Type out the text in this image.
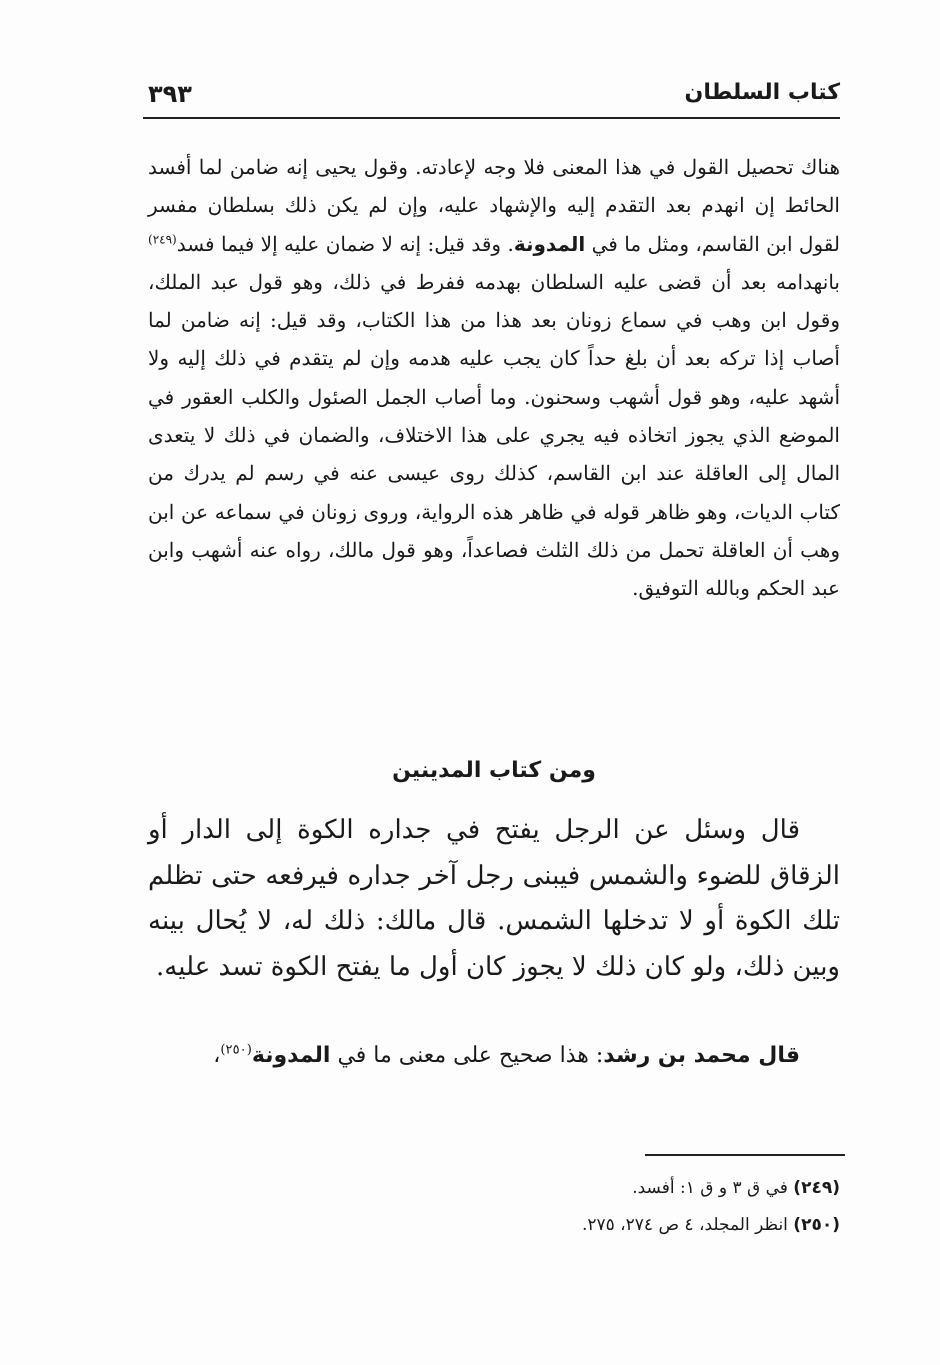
كتاب السلطان
٣٩٣

هناك تحصيل القول في هذا المعنى فلا وجه لإعادته. وقول يحيى إنه ضامن لما أفسد الحائط إن انهدم بعد التقدم إليه والإشهاد عليه، وإن لم يكن ذلك بسلطان مفسر لقول ابن القاسم، ومثل ما في المدونة. وقد قيل: إنه لا ضمان عليه إلا فيما فسد$^{(٢٤٩)}$ بانهدامه بعد أن قضى عليه السلطان بهدمه ففرط في ذلك، وهو قول عبد الملك، وقول ابن وهب في سماع زونان بعد هذا من هذا الكتاب، وقد قيل: إنه ضامن لما أصاب إذا تركه بعد أن بلغ حداً كان يجب عليه هدمه وإن لم يتقدم في ذلك إليه ولا أشهد عليه، وهو قول أشهب وسحنون. وما أصاب الجمل الصئول والكلب العقور في الموضع الذي يجوز اتخاذه فيه يجري على هذا الاختلاف، والضمان في ذلك لا يتعدى المال إلى العاقلة عند ابن القاسم، كذلك روى عيسى عنه في رسم لم يدرك من كتاب الديات، وهو ظاهر قوله في ظاهر هذه الرواية، وروى زونان في سماعه عن ابن وهب أن العاقلة تحمل من ذلك الثلث فصاعداً، وهو قول مالك، رواه عنه أشهب وابن عبد الحكم وبالله التوفيق.

ومن كتاب المدينين

قال وسئل عن الرجل يفتح في جداره الكوة إلى الدار أو الزقاق للضوء والشمس فيبنى رجل آخر جداره فيرفعه حتى تظلم تلك الكوة أو لا تدخلها الشمس. قال مالك: ذلك له، لا يُحال بينه وبين ذلك، ولو كان ذلك لا يجوز كان أول ما يفتح الكوة تسد عليه.

قال محمد بن رشد: هذا صحيح على معنى ما في المدونة$^{(٢٥٠)}$،

(٢٤٩) في ق ٣ و ق ١: أفسد.

(٢٥٠) انظر المجلد، ٤ ص ٢٧٤، ٢٧٥.
